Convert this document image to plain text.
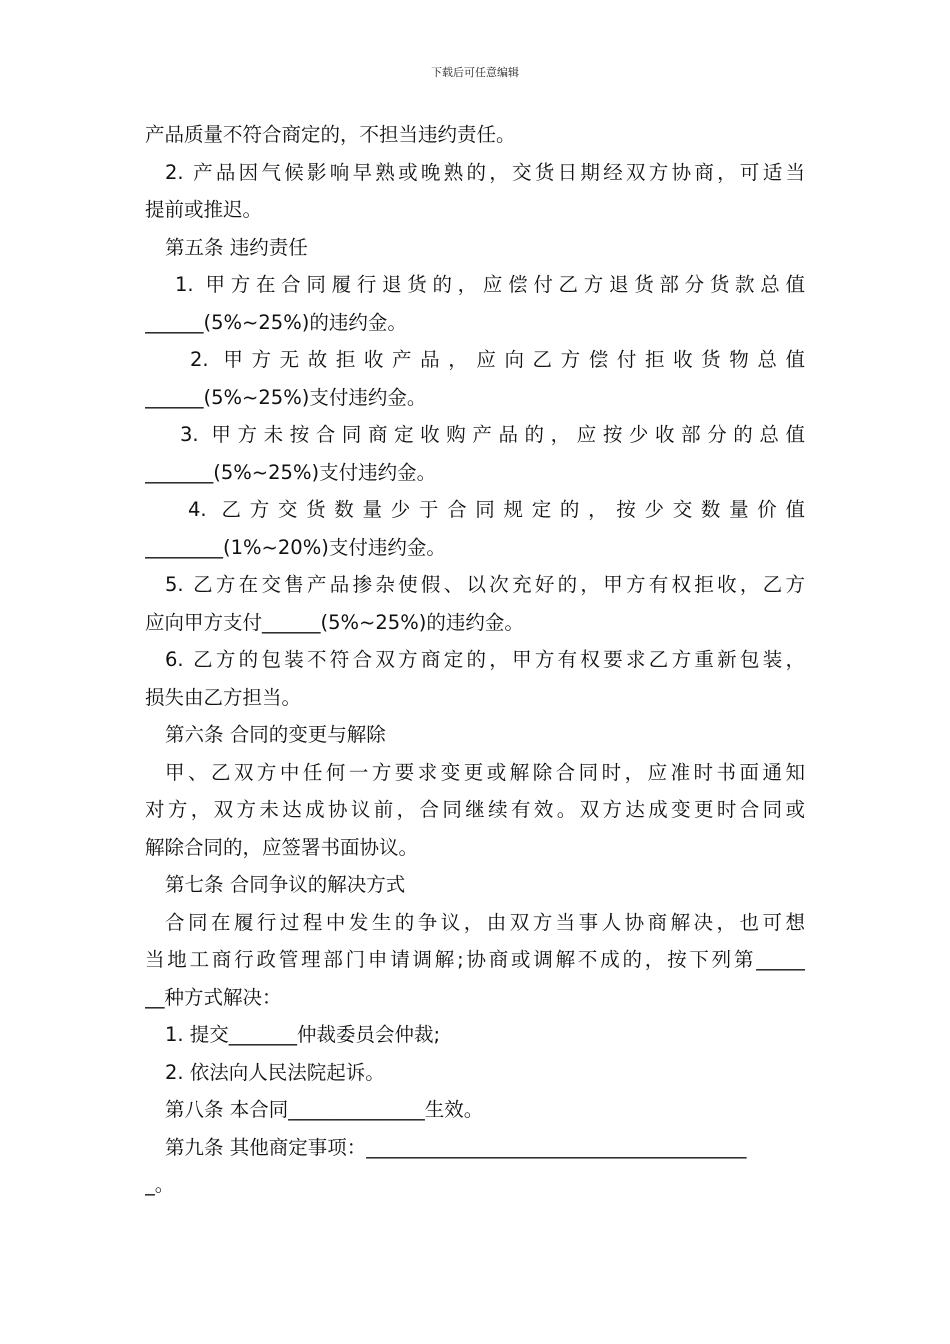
下载后可任意编辑
产品质量不符合商定的，不担当违约责任。
2. 产品因气候影响早熟或晚熟的，交货日期经双方协商，可适当
提前或推迟。
第五条 违约责任
1. 甲方在合同履行退货的，应偿付乙方退货部分货款总值
______(5%~25%)的违约金。
2. 甲方无故拒收产品，应向乙方偿付拒收货物总值
______(5%~25%)支付违约金。
3. 甲方未按合同商定收购产品的，应按少收部分的总值
_______(5%~25%)支付违约金。
4. 乙方交货数量少于合同规定的，按少交数量价值
________(1%~20%)支付违约金。
5. 乙方在交售产品掺杂使假、以次充好的，甲方有权拒收，乙方
应向甲方支付______(5%~25%)的违约金。
6. 乙方的包装不符合双方商定的，甲方有权要求乙方重新包装，
损失由乙方担当。
第六条 合同的变更与解除
甲、乙双方中任何一方要求变更或解除合同时，应准时书面通知
对方，双方未达成协议前，合同继续有效。双方达成变更时合同或
解除合同的，应签署书面协议。
第七条 合同争议的解决方式
合同在履行过程中发生的争议，由双方当事人协商解决，也可想
当地工商行政管理部门申请调解;协商或调解不成的，按下列第_____
__种方式解决：
1. 提交_______仲裁委员会仲裁;
2. 依法向人民法院起诉。
第八条 本合同______________生效。
第九条 其他商定事项：_______________________________________
_。
